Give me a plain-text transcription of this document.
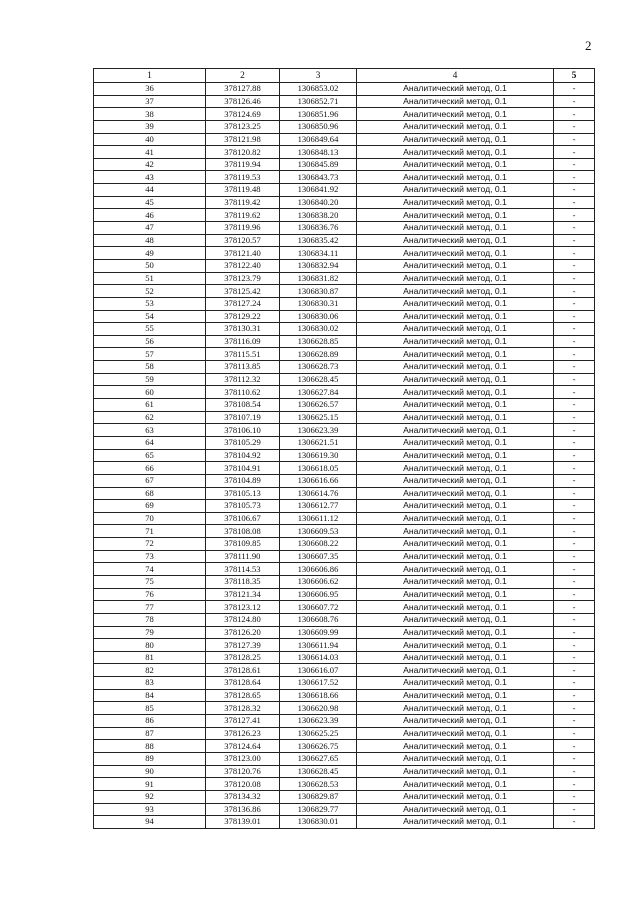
2
1	2	3	4	5
36	378127.88	1306853.02	Аналитический метод, 0.1	-
37	378126.46	1306852.71	Аналитический метод, 0.1	-
38	378124.69	1306851.96	Аналитический метод, 0.1	-
39	378123.25	1306850.96	Аналитический метод, 0.1	-
40	378121.98	1306849.64	Аналитический метод, 0.1	-
41	378120.82	1306848.13	Аналитический метод, 0.1	-
42	378119.94	1306845.89	Аналитический метод, 0.1	-
43	378119.53	1306843.73	Аналитический метод, 0.1	-
44	378119.48	1306841.92	Аналитический метод, 0.1	-
45	378119.42	1306840.20	Аналитический метод, 0.1	-
46	378119.62	1306838.20	Аналитический метод, 0.1	-
47	378119.96	1306836.76	Аналитический метод, 0.1	-
48	378120.57	1306835.42	Аналитический метод, 0.1	-
49	378121.40	1306834.11	Аналитический метод, 0.1	-
50	378122.40	1306832.94	Аналитический метод, 0.1	-
51	378123.79	1306831.82	Аналитический метод, 0.1	-
52	378125.42	1306830.87	Аналитический метод, 0.1	-
53	378127.24	1306830.31	Аналитический метод, 0.1	-
54	378129.22	1306830.06	Аналитический метод, 0.1	-
55	378130.31	1306830.02	Аналитический метод, 0.1	-
56	378116.09	1306628.85	Аналитический метод, 0.1	-
57	378115.51	1306628.89	Аналитический метод, 0.1	-
58	378113.85	1306628.73	Аналитический метод, 0.1	-
59	378112.32	1306628.45	Аналитический метод, 0.1	-
60	378110.62	1306627.84	Аналитический метод, 0.1	-
61	378108.54	1306626.57	Аналитический метод, 0.1	-
62	378107.19	1306625.15	Аналитический метод, 0.1	-
63	378106.10	1306623.39	Аналитический метод, 0.1	-
64	378105.29	1306621.51	Аналитический метод, 0.1	-
65	378104.92	1306619.30	Аналитический метод, 0.1	-
66	378104.91	1306618.05	Аналитический метод, 0.1	-
67	378104.89	1306616.66	Аналитический метод, 0.1	-
68	378105.13	1306614.76	Аналитический метод, 0.1	-
69	378105.73	1306612.77	Аналитический метод, 0.1	-
70	378106.67	1306611.12	Аналитический метод, 0.1	-
71	378108.08	1306609.53	Аналитический метод, 0.1	-
72	378109.85	1306608.22	Аналитический метод, 0.1	-
73	378111.90	1306607.35	Аналитический метод, 0.1	-
74	378114.53	1306606.86	Аналитический метод, 0.1	-
75	378118.35	1306606.62	Аналитический метод, 0.1	-
76	378121.34	1306606.95	Аналитический метод, 0.1	-
77	378123.12	1306607.72	Аналитический метод, 0.1	-
78	378124.80	1306608.76	Аналитический метод, 0.1	-
79	378126.20	1306609.99	Аналитический метод, 0.1	-
80	378127.39	1306611.94	Аналитический метод, 0.1	-
81	378128.25	1306614.03	Аналитический метод, 0.1	-
82	378128.61	1306616.07	Аналитический метод, 0.1	-
83	378128.64	1306617.52	Аналитический метод, 0.1	-
84	378128.65	1306618.66	Аналитический метод, 0.1	-
85	378128.32	1306620.98	Аналитический метод, 0.1	-
86	378127.41	1306623.39	Аналитический метод, 0.1	-
87	378126.23	1306625.25	Аналитический метод, 0.1	-
88	378124.64	1306626.75	Аналитический метод, 0.1	-
89	378123.00	1306627.65	Аналитический метод, 0.1	-
90	378120.76	1306628.45	Аналитический метод, 0.1	-
91	378120.08	1306628.53	Аналитический метод, 0.1	-
92	378134.32	1306829.87	Аналитический метод, 0.1	-
93	378136.86	1306829.77	Аналитический метод, 0.1	-
94	378139.01	1306830.01	Аналитический метод, 0.1	-
